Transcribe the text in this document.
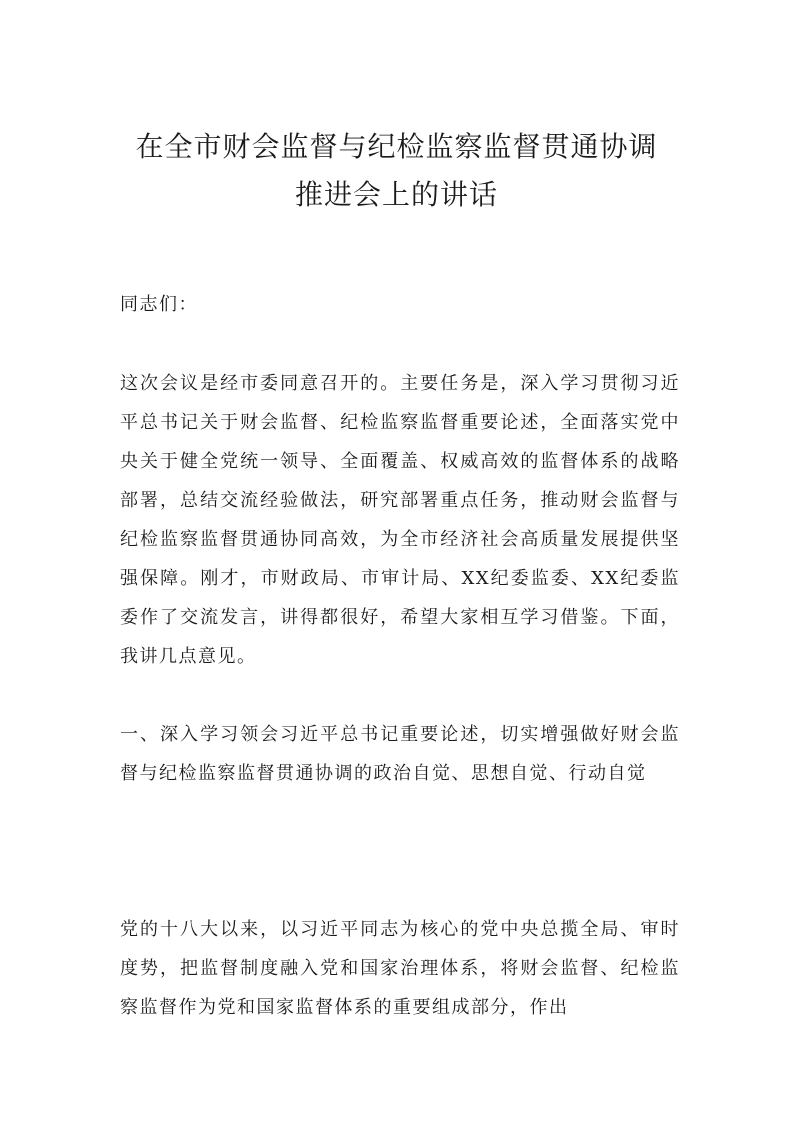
在全市财会监督与纪检监察监督贯通协调
推进会上的讲话

同志们：

这次会议是经市委同意召开的。主要任务是，深入学习贯彻习近平总书记关于财会监督、纪检监察监督重要论述，全面落实党中央关于健全党统一领导、全面覆盖、权威高效的监督体系的战略部署，总结交流经验做法，研究部署重点任务，推动财会监督与纪检监察监督贯通协同高效，为全市经济社会高质量发展提供坚强保障。刚才，市财政局、市审计局、XX纪委监委、XX纪委监委作了交流发言，讲得都很好，希望大家相互学习借鉴。下面，我讲几点意见。

一、深入学习领会习近平总书记重要论述，切实增强做好财会监督与纪检监察监督贯通协调的政治自觉、思想自觉、行动自觉

党的十八大以来，以习近平同志为核心的党中央总揽全局、审时度势，把监督制度融入党和国家治理体系，将财会监督、纪检监察监督作为党和国家监督体系的重要组成部分，作出
